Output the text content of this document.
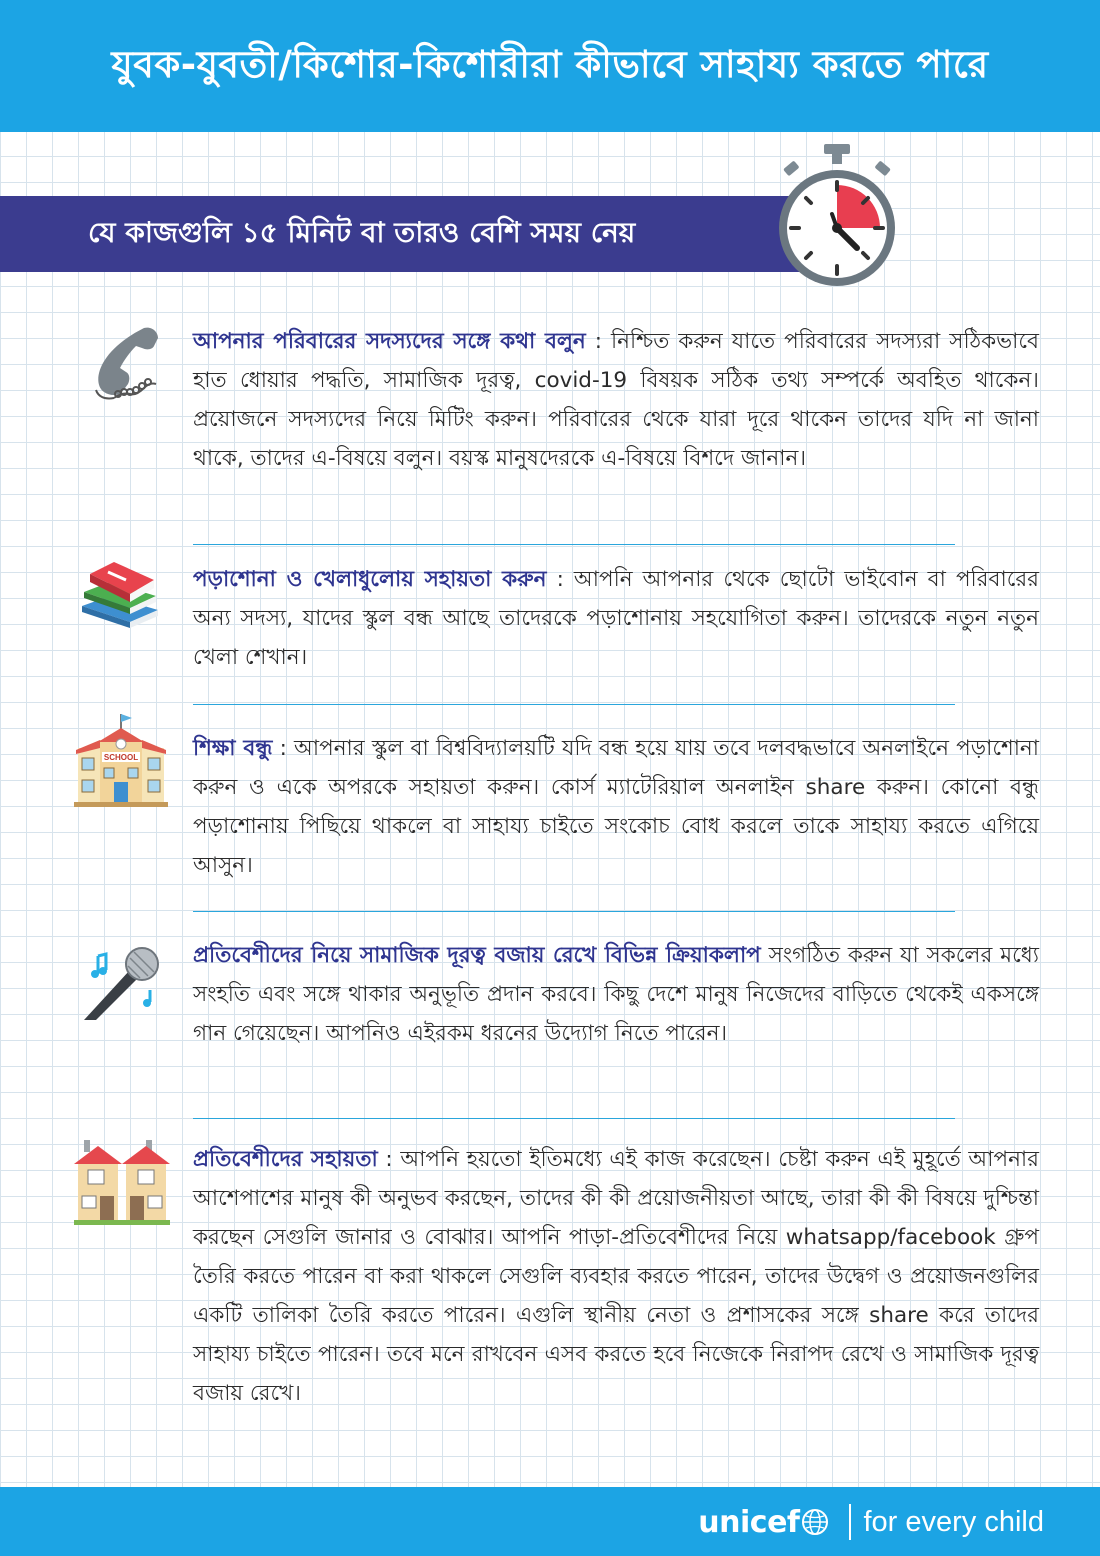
যুবক-যুবতী/কিশোর-কিশোরীরা কীভাবে সাহায্য করতে পারে
যে কাজগুলি ১৫ মিনিট বা তারও বেশি সময় নেয়
আপনার পরিবারের সদস্যদের সঙ্গে কথা বলুন : নিশ্চিত করুন যাতে পরিবারের সদস্যরা সঠিকভাবে হাত ধোয়ার পদ্ধতি, সামাজিক দূরত্ব, covid-19 বিষয়ক সঠিক তথ্য সম্পর্কে অবহিত থাকেন। প্রয়োজনে সদস্যদের নিয়ে মিটিং করুন। পরিবারের থেকে যারা দূরে থাকেন তাদের যদি না জানা থাকে, তাদের এ-বিষয়ে বলুন। বয়স্ক মানুষদেরকে এ-বিষয়ে বিশদে জানান।
পড়াশোনা ও খেলাধুলোয় সহায়তা করুন : আপনি আপনার থেকে ছোটো ভাইবোন বা পরিবারের অন্য সদস্য, যাদের স্কুল বন্ধ আছে তাদেরকে পড়াশোনায় সহযোগিতা করুন। তাদেরকে নতুন নতুন খেলা শেখান।
SCHOOL	শিক্ষা বন্ধু : আপনার স্কুল বা বিশ্ববিদ্যালয়টি যদি বন্ধ হয়ে যায় তবে দলবদ্ধভাবে অনলাইনে পড়াশোনা করুন ও একে অপরকে সহায়তা করুন। কোর্স ম্যাটেরিয়াল অনলাইন share করুন। কোনো বন্ধু পড়াশোনায় পিছিয়ে থাকলে বা সাহায্য চাইতে সংকোচ বোধ করলে তাকে সাহায্য করতে এগিয়ে আসুন।
প্রতিবেশীদের নিয়ে সামাজিক দূরত্ব বজায় রেখে বিভিন্ন ক্রিয়াকলাপ সংগঠিত করুন যা সকলের মধ্যে সংহতি এবং সঙ্গে থাকার অনুভূতি প্রদান করবে। কিছু দেশে মানুষ নিজেদের বাড়িতে থেকেই একসঙ্গে গান গেয়েছেন। আপনিও এইরকম ধরনের উদ্যোগ নিতে পারেন।
প্রতিবেশীদের সহায়তা : আপনি হয়তো ইতিমধ্যে এই কাজ করেছেন। চেষ্টা করুন এই মুহূর্তে আপনার আশেপাশের মানুষ কী অনুভব করছেন, তাদের কী কী প্রয়োজনীয়তা আছে, তারা কী কী বিষয়ে দুশ্চিন্তা করছেন সেগুলি জানার ও বোঝার। আপনি পাড়া-প্রতিবেশীদের নিয়ে whatsapp/facebook গ্রুপ তৈরি করতে পারেন বা করা থাকলে সেগুলি ব্যবহার করতে পারেন, তাদের উদ্বেগ ও প্রয়োজনগুলির একটি তালিকা তৈরি করতে পারেন। এগুলি স্থানীয় নেতা ও প্রশাসকের সঙ্গে share করে তাদের সাহায্য চাইতে পারেন। তবে মনে রাখবেন এসব করতে হবে নিজেকে নিরাপদ রেখে ও সামাজিক দূরত্ব বজায় রেখে।
unicef for every child
